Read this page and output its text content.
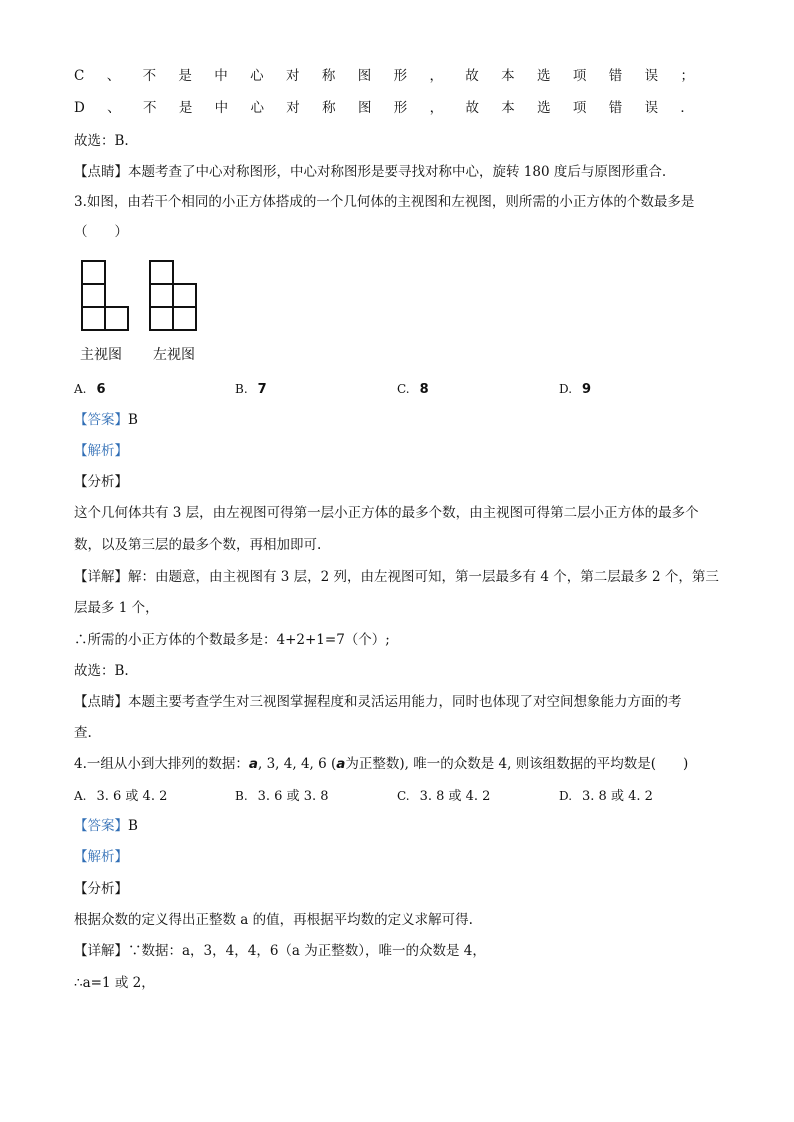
C 、 不 是 中 心 对 称 图 形 ， 故 本 选 项 错 误 ；
D 、 不 是 中 心 对 称 图 形 ， 故 本 选 项 错 误 ．
故选：B.
【点睛】本题考查了中心对称图形，中心对称图形是要寻找对称中心，旋转 180 度后与原图形重合.
3.如图，由若干个相同的小正方体搭成的一个几何体的主视图和左视图，则所需的小正方体的个数最多是
（　　）
主视图 左视图
A. 6	B. 7	C. 8	D. 9
【答案】B
【解析】
【分析】
这个几何体共有 3 层，由左视图可得第一层小正方体的最多个数，由主视图可得第二层小正方体的最多个
数，以及第三层的最多个数，再相加即可.
【详解】解：由题意，由主视图有 3 层，2 列，由左视图可知，第一层最多有 4 个，第二层最多 2 个，第三
层最多 1 个，
∴所需的小正方体的个数最多是：4+2+1=7（个）;
故选：B.
【点睛】本题主要考查学生对三视图掌握程度和灵活运用能力，同时也体现了对空间想象能力方面的考
查.
4.一组从小到大排列的数据：a, 3, 4, 4, 6 (a为正整数), 唯一的众数是 4, 则该组数据的平均数是(　　)
A. 3. 6 或 4. 2	B. 3. 6 或 3. 8	C. 3. 8 或 4. 2	D. 3. 8 或 4. 2
【答案】B
【解析】
【分析】
根据众数的定义得出正整数 a 的值，再根据平均数的定义求解可得.
【详解】∵数据：a，3，4，4，6（a 为正整数），唯一的众数是 4，
∴a=1 或 2，
